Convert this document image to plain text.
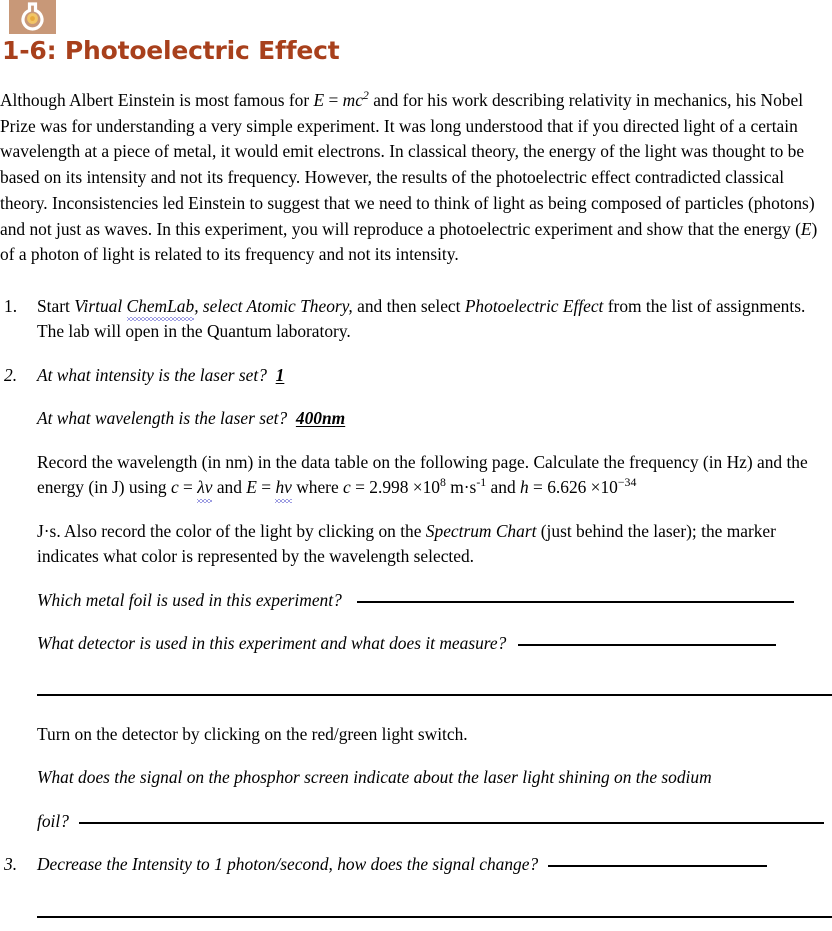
1-6: Photoelectric Effect

Although Albert Einstein is most famous for $E = mc^2$ and for his work describing relativity in mechanics, his Nobel Prize was for understanding a very simple experiment. It was long understood that if you directed light of a certain wavelength at a piece of metal, it would emit electrons. In classical theory, the energy of the light was thought to be based on its intensity and not its frequency. However, the results of the photoelectric effect contradicted classical theory. Inconsistencies led Einstein to suggest that we need to think of light as being composed of particles (photons) and not just as waves. In this experiment, you will reproduce a photoelectric experiment and show that the energy (E) of a photon of light is related to its frequency and not its intensity.

1.	Start Virtual ChemLab, select Atomic Theory, and then select Photoelectric Effect from the list of assignments. The lab will open in the Quantum laboratory.
2.	At what intensity is the laser set? 1
At what wavelength is the laser set? 400nm
Record the wavelength (in nm) in the data table on the following page. Calculate the frequency (in Hz) and the energy (in J) using c = λν and E = hν where $c = 2.998 \times 10^8$ $m\cdot s^{-1}$ and $h = 6.626 \times 10^{-34}$
J·s. Also record the color of the light by clicking on the Spectrum Chart (just behind the laser); the marker indicates what color is represented by the wavelength selected.
Which metal foil is used in this experiment?
What detector is used in this experiment and what does it measure?
Turn on the detector by clicking on the red/green light switch.
What does the signal on the phosphor screen indicate about the laser light shining on the sodium
foil?
3.	Decrease the Intensity to 1 photon/second, how does the signal change?
